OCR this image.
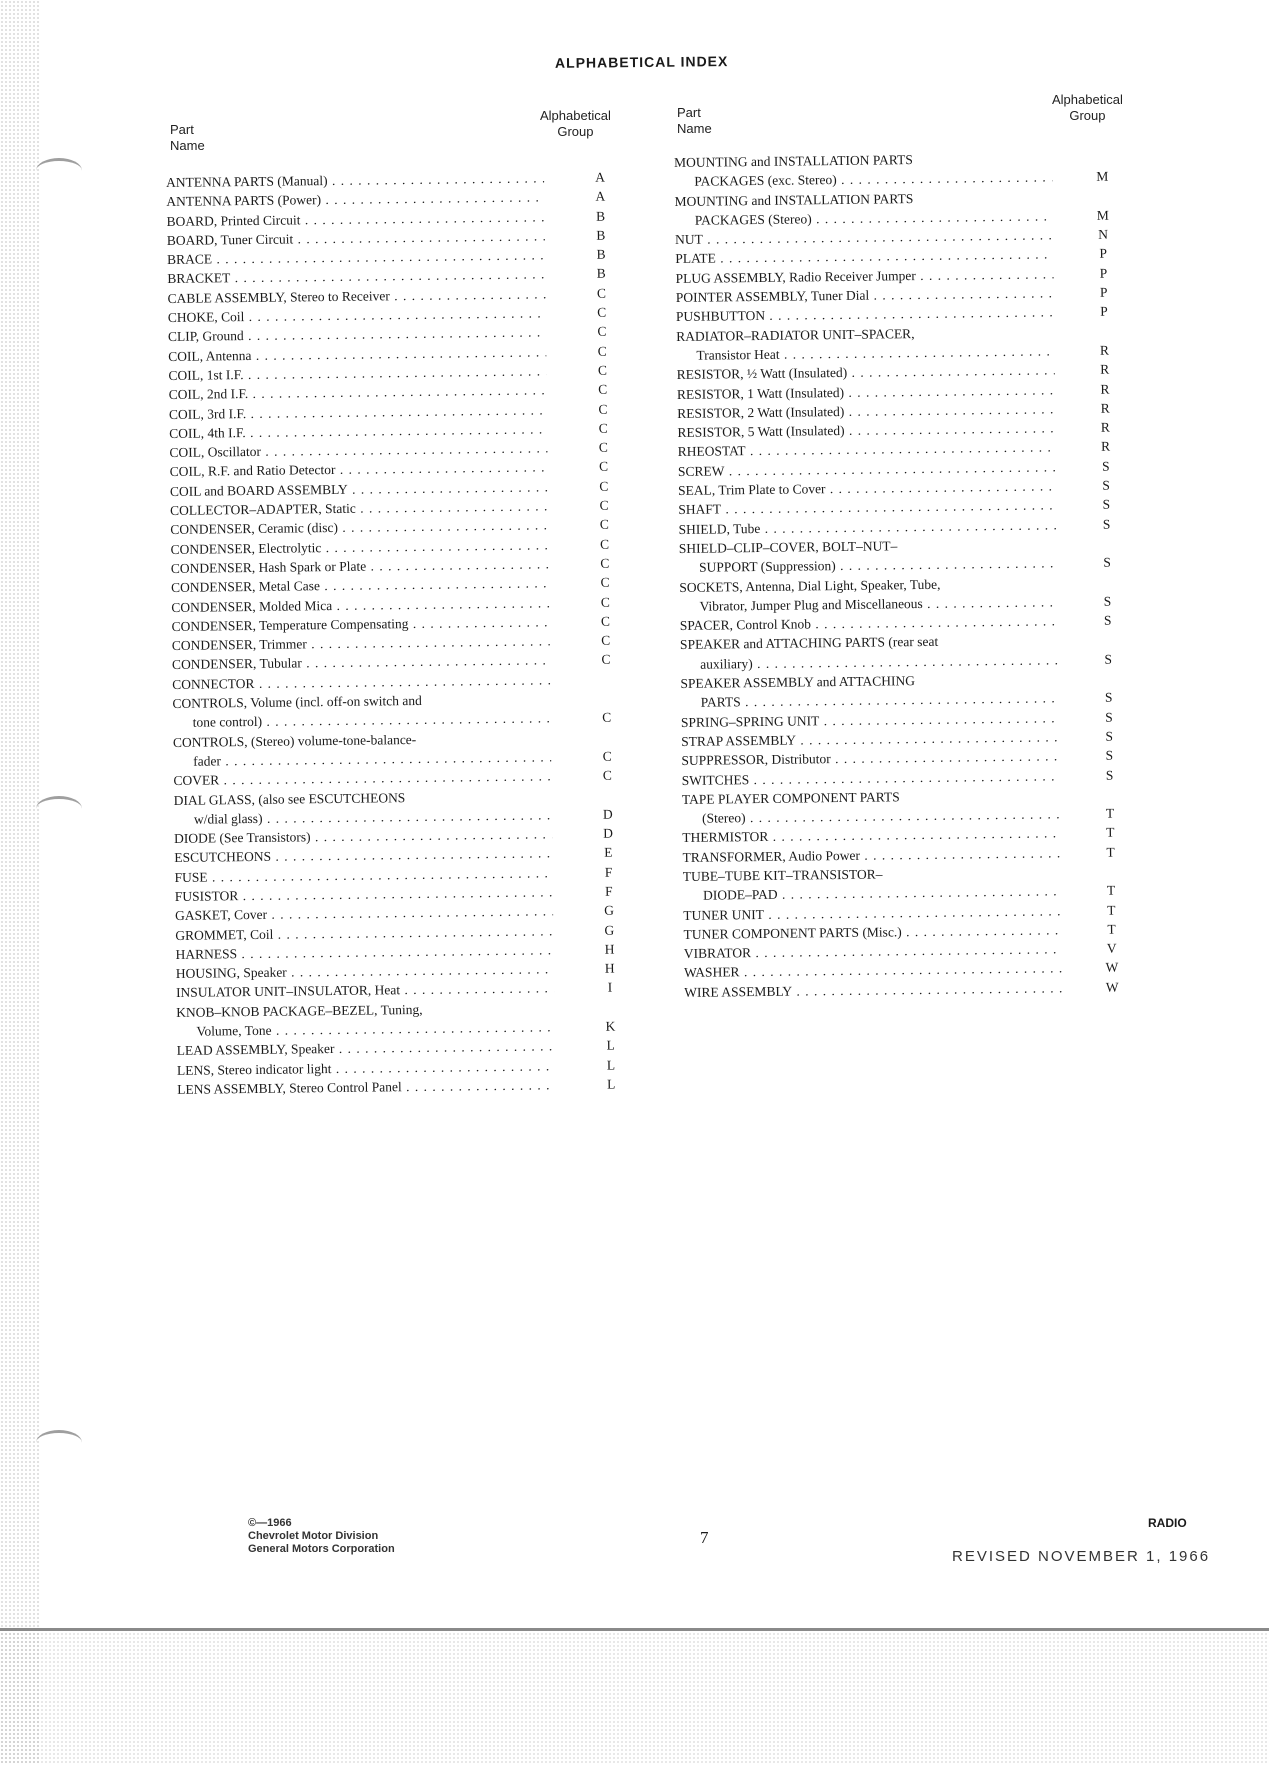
ALPHABETICAL INDEX
Part
Name
Alphabetical
Group
Part
Name
Alphabetical
Group
ANTENNA PARTS (Manual) . . .	A
ANTENNA PARTS (Power) . . .	A
BOARD, Printed Circuit . . .	B
BOARD, Tuner Circuit . . .	B
BRACE . . .	B
BRACKET . . .	B
CABLE ASSEMBLY, Stereo to Receiver . . .	C
CHOKE, Coil . . .	C
CLIP, Ground . . .	C
COIL, Antenna . . .	C
COIL, 1st I.F. . . .	C
COIL, 2nd I.F. . . .	C
COIL, 3rd I.F. . . .	C
COIL, 4th I.F. . . .	C
COIL, Oscillator . . .	C
COIL, R.F. and Ratio Detector . . .	C
COIL and BOARD ASSEMBLY . . .	C
COLLECTOR–ADAPTER, Static . . .	C
CONDENSER, Ceramic (disc) . . .	C
CONDENSER, Electrolytic . . .	C
CONDENSER, Hash Spark or Plate . . .	C
CONDENSER, Metal Case . . .	C
CONDENSER, Molded Mica . . .	C
CONDENSER, Temperature Compensating . . .	C
CONDENSER, Trimmer . . .	C
CONDENSER, Tubular . . .	C
CONNECTOR . . .
CONTROLS, Volume (incl. off-on switch and
tone control) . . .	C
CONTROLS, (Stereo) volume-tone-balance-
fader . . .	C
COVER . . .	C
DIAL GLASS, (also see ESCUTCHEONS
w/dial glass) . . .	D
DIODE (See Transistors) . . .	D
ESCUTCHEONS . . .	E
FUSE . . .	F
FUSISTOR . . .	F
GASKET, Cover . . .	G
GROMMET, Coil . . .	G
HARNESS . . .	H
HOUSING, Speaker . . .	H
INSULATOR UNIT–INSULATOR, Heat . . .	I
KNOB–KNOB PACKAGE–BEZEL, Tuning,
Volume, Tone . . .	K
LEAD ASSEMBLY, Speaker . . .	L
LENS, Stereo indicator light . . .	L
LENS ASSEMBLY, Stereo Control Panel . . .	L
MOUNTING and INSTALLATION PARTS
PACKAGES (exc. Stereo) . . .	M
MOUNTING and INSTALLATION PARTS
PACKAGES (Stereo) . . .	M
NUT . . .	N
PLATE . . .	P
PLUG ASSEMBLY, Radio Receiver Jumper . . .	P
POINTER ASSEMBLY, Tuner Dial . . .	P
PUSHBUTTON . . .	P
RADIATOR–RADIATOR UNIT–SPACER,
Transistor Heat . . .	R
RESISTOR, ½ Watt (Insulated) . . .	R
RESISTOR, 1 Watt (Insulated) . . .	R
RESISTOR, 2 Watt (Insulated) . . .	R
RESISTOR, 5 Watt (Insulated) . . .	R
RHEOSTAT . . .	R
SCREW . . .	S
SEAL, Trim Plate to Cover . . .	S
SHAFT . . .	S
SHIELD, Tube . . .	S
SHIELD–CLIP–COVER, BOLT–NUT–
SUPPORT (Suppression) . . .	S
SOCKETS, Antenna, Dial Light, Speaker, Tube,
Vibrator, Jumper Plug and Miscellaneous . . .	S
SPACER, Control Knob . . .	S
SPEAKER and ATTACHING PARTS (rear seat
auxiliary) . . .	S
SPEAKER ASSEMBLY and ATTACHING
PARTS . . .	S
SPRING–SPRING UNIT . . .	S
STRAP ASSEMBLY . . .	S
SUPPRESSOR, Distributor . . .	S
SWITCHES . . .	S
TAPE PLAYER COMPONENT PARTS
(Stereo) . . .	T
THERMISTOR . . .	T
TRANSFORMER, Audio Power . . .	T
TUBE–TUBE KIT–TRANSISTOR–
DIODE–PAD . . .	T
TUNER UNIT . . .	T
TUNER COMPONENT PARTS (Misc.) . . .	T
VIBRATOR . . .	V
WASHER . . .	W
WIRE ASSEMBLY . . .	W
©—1966
Chevrolet Motor Division
General Motors Corporation
7
RADIO
REVISED NOVEMBER 1, 1966
